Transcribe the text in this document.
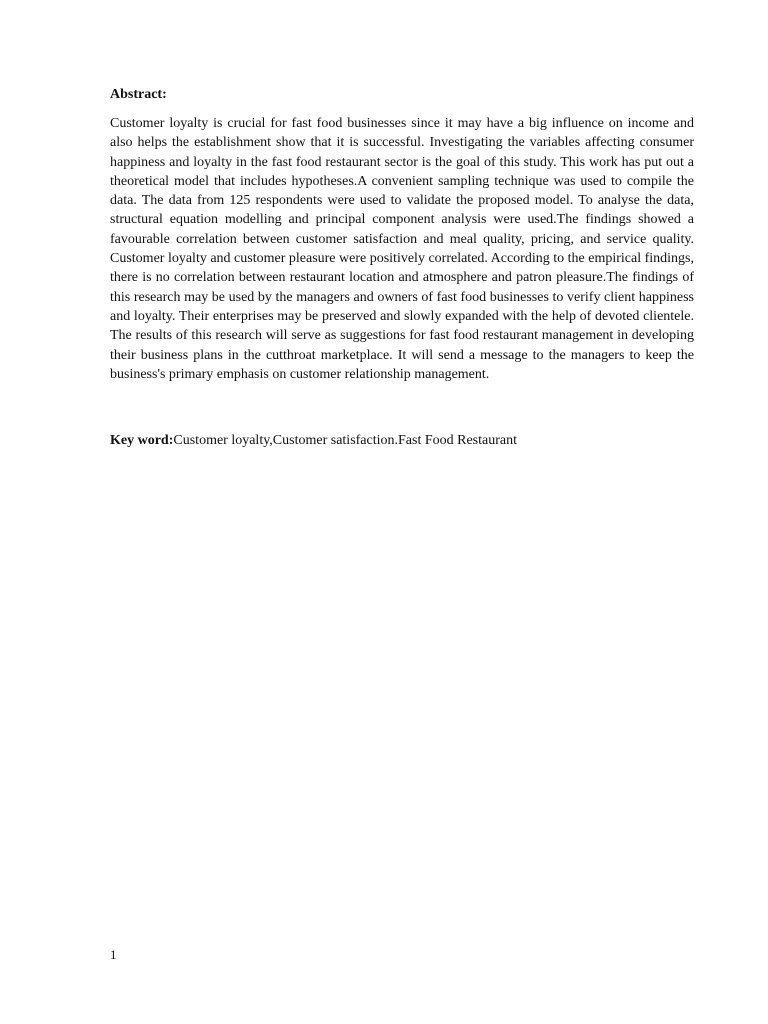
Abstract:

Customer loyalty is crucial for fast food businesses since it may have a big influence on income and also helps the establishment show that it is successful. Investigating the variables affecting consumer happiness and loyalty in the fast food restaurant sector is the goal of this study. This work has put out a theoretical model that includes hypotheses.A convenient sampling technique was used to compile the data. The data from 125 respondents were used to validate the proposed model. To analyse the data, structural equation modelling and principal component analysis were used.The findings showed a favourable correlation between customer satisfaction and meal quality, pricing, and service quality. Customer loyalty and customer pleasure were positively correlated. According to the empirical findings, there is no correlation between restaurant location and atmosphere and patron pleasure.The findings of this research may be used by the managers and owners of fast food businesses to verify client happiness and loyalty. Their enterprises may be preserved and slowly expanded with the help of devoted clientele. The results of this research will serve as suggestions for fast food restaurant management in developing their business plans in the cutthroat marketplace. It will send a message to the managers to keep the business's primary emphasis on customer relationship management.

Key word:Customer loyalty,Customer satisfaction.Fast Food Restaurant

1
